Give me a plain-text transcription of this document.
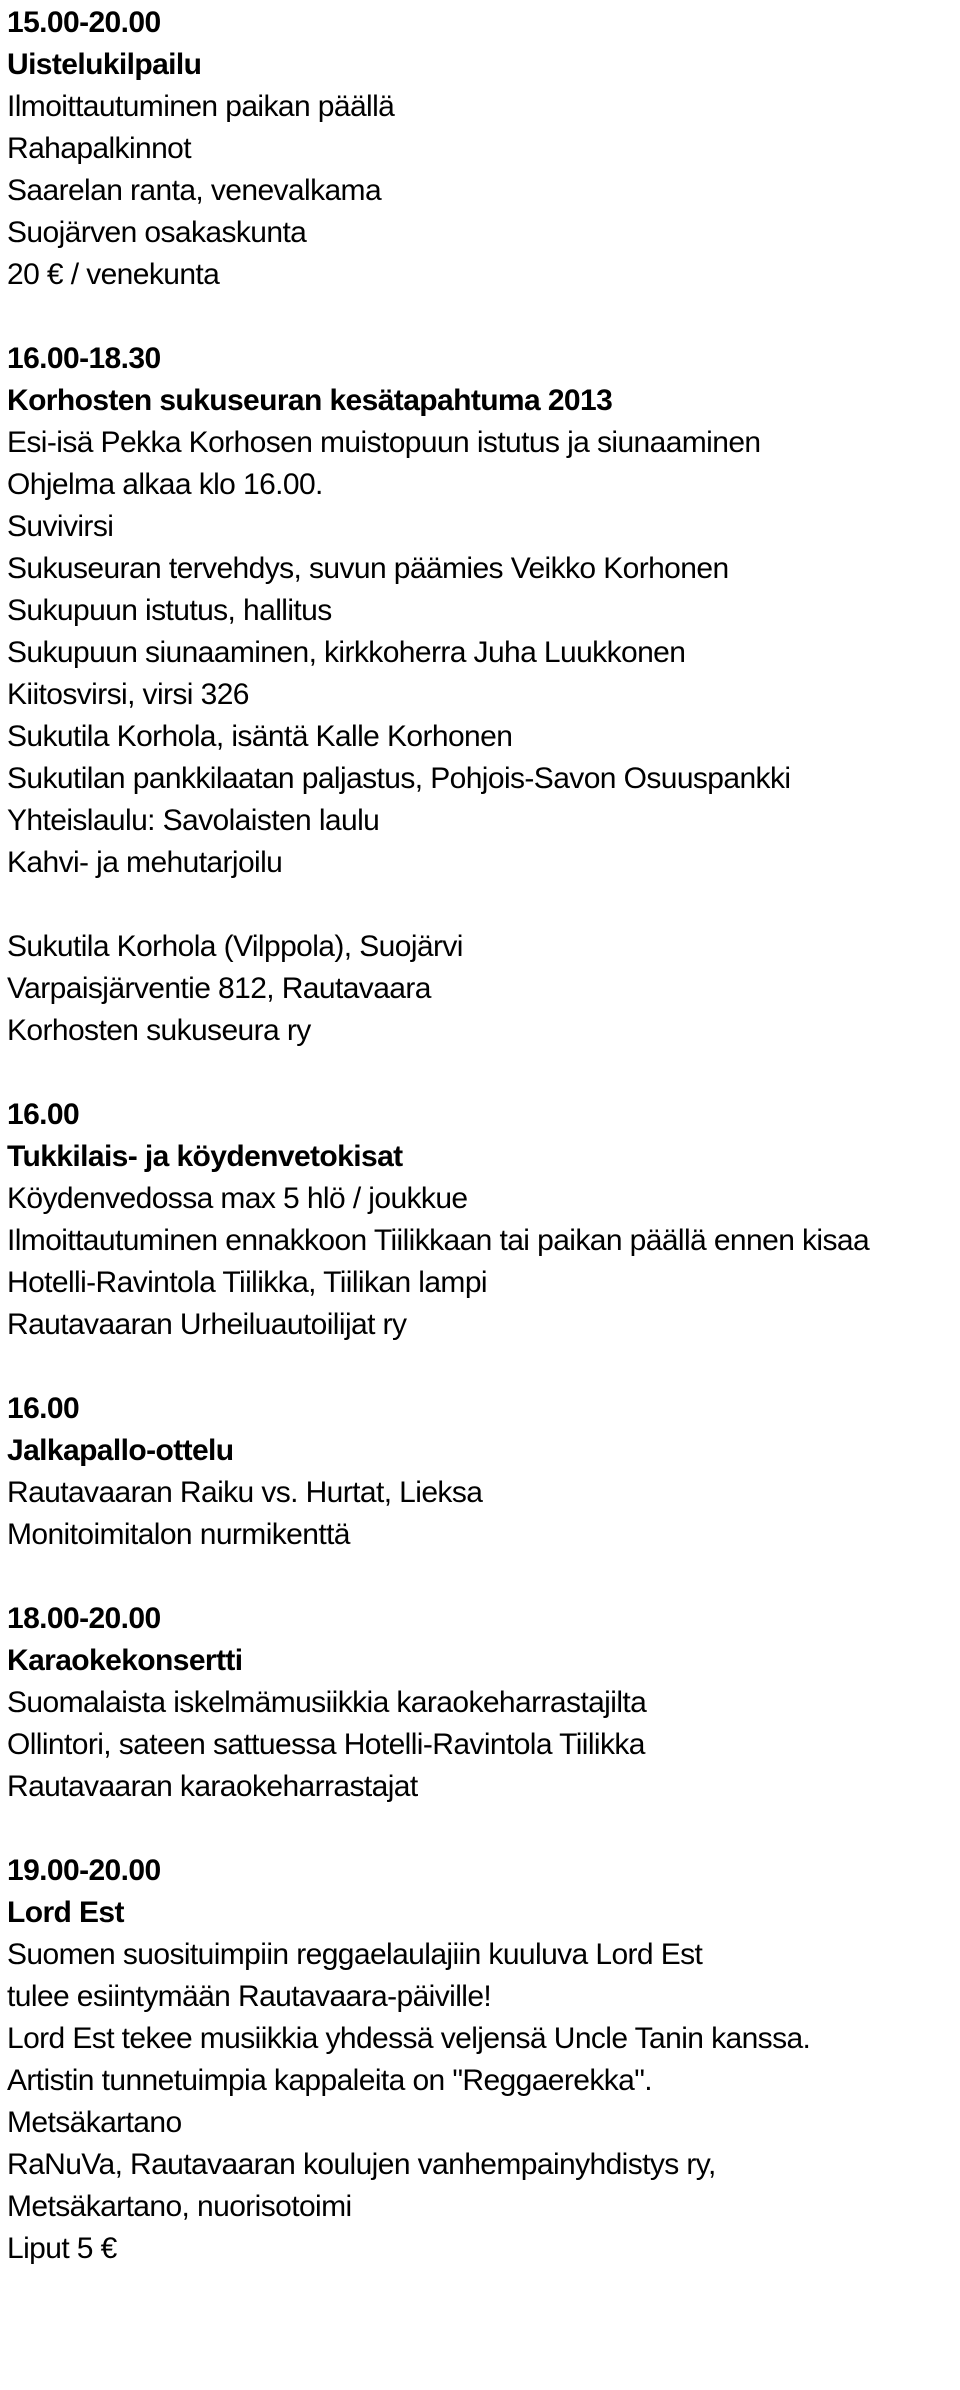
15.00-20.00
Uistelukilpailu
Ilmoittautuminen paikan päällä
Rahapalkinnot
Saarelan ranta, venevalkama
Suojärven osakaskunta
20 € / venekunta
16.00-18.30
Korhosten sukuseuran kesätapahtuma 2013
Esi-isä Pekka Korhosen muistopuun istutus ja siunaaminen
Ohjelma alkaa klo 16.00.
Suvivirsi
Sukuseuran tervehdys, suvun päämies Veikko Korhonen
Sukupuun istutus, hallitus
Sukupuun siunaaminen, kirkkoherra Juha Luukkonen
Kiitosvirsi, virsi 326
Sukutila Korhola, isäntä Kalle Korhonen
Sukutilan pankkilaatan paljastus, Pohjois-Savon Osuuspankki
Yhteislaulu: Savolaisten laulu
Kahvi- ja mehutarjoilu
Sukutila Korhola (Vilppola), Suojärvi
Varpaisjärventie 812, Rautavaara
Korhosten sukuseura ry
16.00
Tukkilais- ja köydenvetokisat
Köydenvedossa max 5 hlö / joukkue
Ilmoittautuminen ennakkoon Tiilikkaan tai paikan päällä ennen kisaa
Hotelli-Ravintola Tiilikka, Tiilikan lampi
Rautavaaran Urheiluautoilijat ry
16.00
Jalkapallo-ottelu
Rautavaaran Raiku vs. Hurtat, Lieksa
Monitoimitalon nurmikenttä
18.00-20.00
Karaokekonsertti
Suomalaista iskelmämusiikkia karaokeharrastajilta
Ollintori, sateen sattuessa Hotelli-Ravintola Tiilikka
Rautavaaran karaokeharrastajat
19.00-20.00
Lord Est
Suomen suosituimpiin reggaelaulajiin kuuluva Lord Est
tulee esiintymään Rautavaara-päiville!
Lord Est tekee musiikkia yhdessä veljensä Uncle Tanin kanssa.
Artistin tunnetuimpia kappaleita on "Reggaerekka".
Metsäkartano
RaNuVa, Rautavaaran koulujen vanhempainyhdistys ry,
Metsäkartano, nuorisotoimi
Liput 5 €
